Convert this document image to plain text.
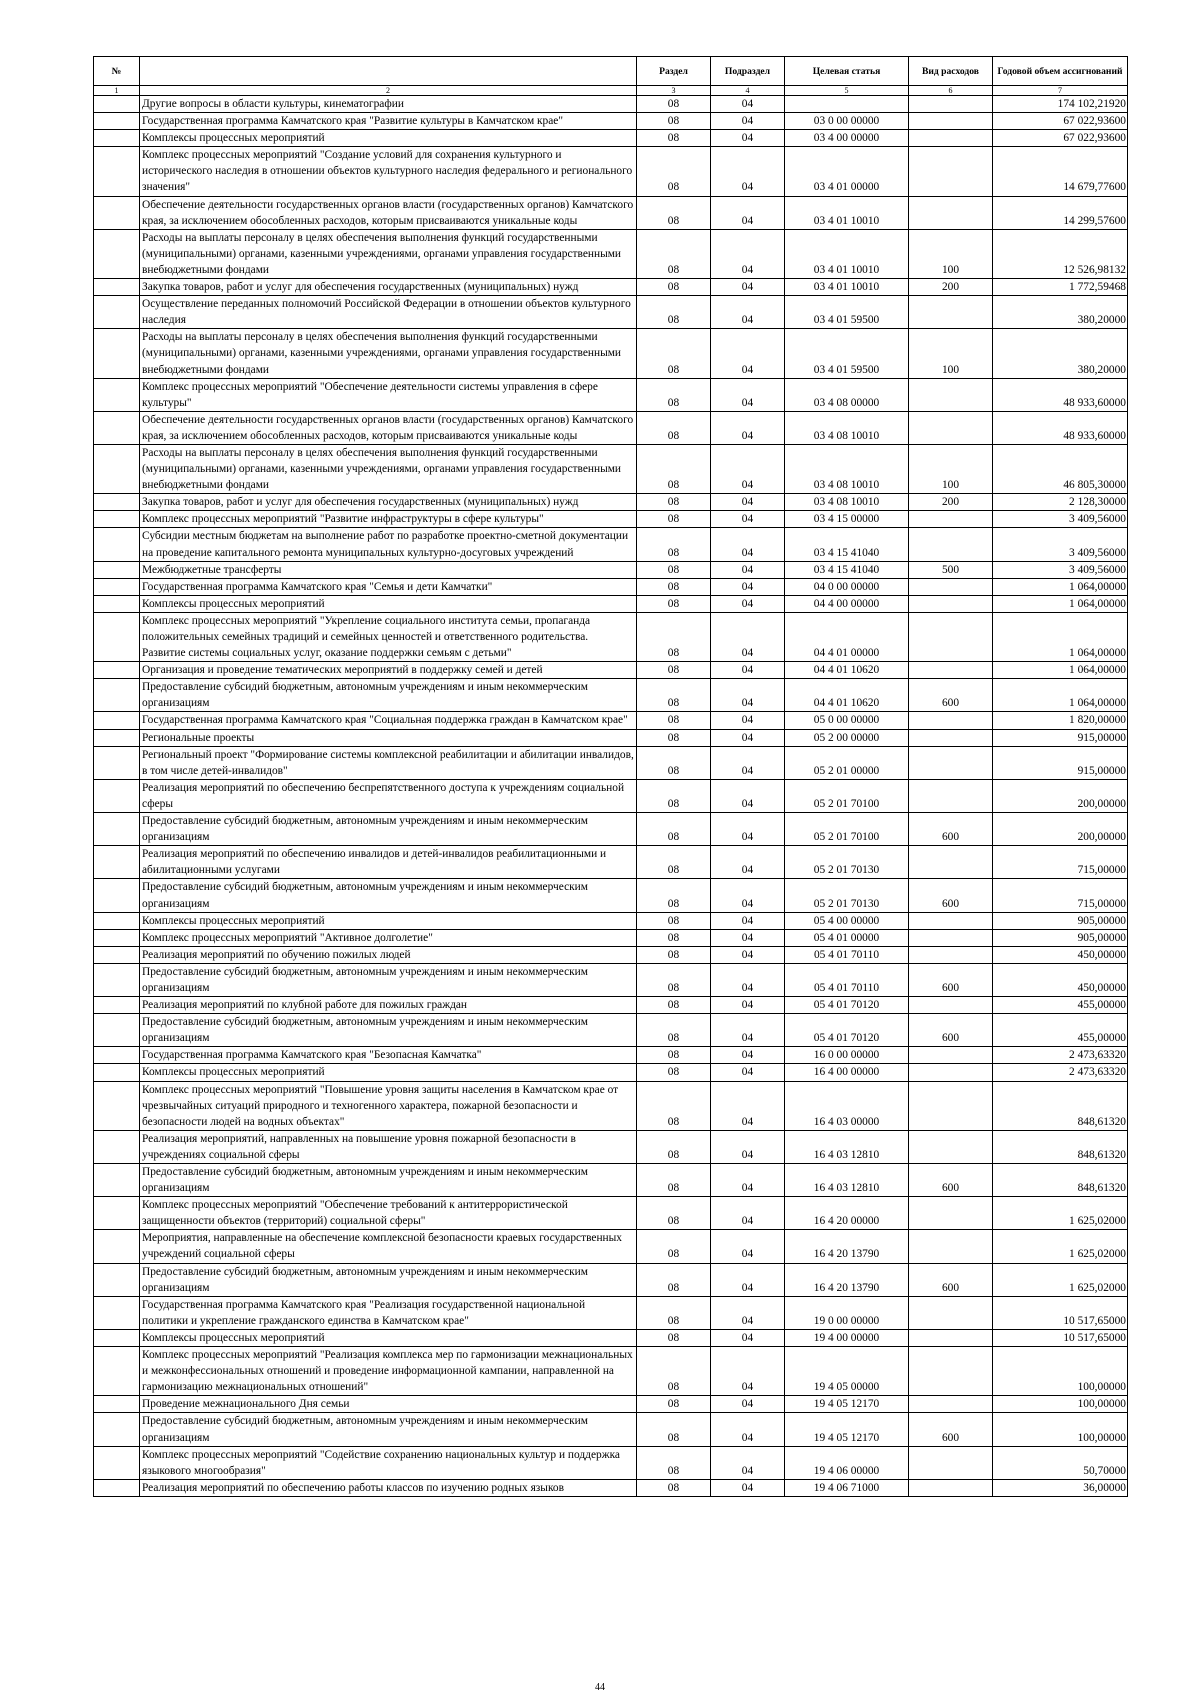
№		Раздел	Подраздел	Целевая статья	Вид расходов	Годовой объем ассигнований
1	2	3	4	5	6	7
	Другие вопросы в области культуры, кинематографии	08	04			174 102,21920
	Государственная программа Камчатского края "Развитие культуры в Камчатском крае"	08	04	03 0 00 00000		67 022,93600
	Комплексы процессных мероприятий	08	04	03 4 00 00000		67 022,93600
	Комплекс процессных мероприятий "Создание условий для сохранения культурного и исторического наследия в отношении объектов культурного наследия федерального и регионального значения"	08	04	03 4 01 00000		14 679,77600
	Обеспечение деятельности государственных органов власти (государственных органов) Камчатского края, за исключением обособленных расходов, которым присваиваются уникальные коды	08	04	03 4 01 10010		14 299,57600
	Расходы на выплаты персоналу в целях обеспечения выполнения функций государственными (муниципальными) органами, казенными учреждениями, органами управления государственными внебюджетными фондами	08	04	03 4 01 10010	100	12 526,98132
	Закупка товаров, работ и услуг для обеспечения государственных (муниципальных) нужд	08	04	03 4 01 10010	200	1 772,59468
	Осуществление переданных полномочий Российской Федерации в отношении объектов культурного наследия	08	04	03 4 01 59500		380,20000
	Расходы на выплаты персоналу в целях обеспечения выполнения функций государственными (муниципальными) органами, казенными учреждениями, органами управления государственными внебюджетными фондами	08	04	03 4 01 59500	100	380,20000
	Комплекс процессных мероприятий "Обеспечение деятельности системы управления в сфере культуры"	08	04	03 4 08 00000		48 933,60000
	Обеспечение деятельности государственных органов власти (государственных органов) Камчатского края, за исключением обособленных расходов, которым присваиваются уникальные коды	08	04	03 4 08 10010		48 933,60000
	Расходы на выплаты персоналу в целях обеспечения выполнения функций государственными (муниципальными) органами, казенными учреждениями, органами управления государственными внебюджетными фондами	08	04	03 4 08 10010	100	46 805,30000
	Закупка товаров, работ и услуг для обеспечения государственных (муниципальных) нужд	08	04	03 4 08 10010	200	2 128,30000
	Комплекс процессных мероприятий "Развитие инфраструктуры в сфере культуры"	08	04	03 4 15 00000		3 409,56000
	Субсидии местным бюджетам на выполнение работ по разработке проектно-сметной документации на проведение капитального ремонта муниципальных культурно-досуговых учреждений	08	04	03 4 15 41040		3 409,56000
	Межбюджетные трансферты	08	04	03 4 15 41040	500	3 409,56000
	Государственная программа Камчатского края "Семья и дети Камчатки"	08	04	04 0 00 00000		1 064,00000
	Комплексы процессных мероприятий	08	04	04 4 00 00000		1 064,00000
	Комплекс процессных мероприятий "Укрепление социального института семьи, пропаганда положительных семейных традиций и семейных ценностей и ответственного родительства. Развитие системы социальных услуг, оказание поддержки семьям с детьми"	08	04	04 4 01 00000		1 064,00000
	Организация и проведение тематических мероприятий в поддержку семей и детей	08	04	04 4 01 10620		1 064,00000
	Предоставление субсидий бюджетным, автономным учреждениям и иным некоммерческим организациям	08	04	04 4 01 10620	600	1 064,00000
	Государственная программа Камчатского края "Социальная поддержка граждан в Камчатском крае"	08	04	05 0 00 00000		1 820,00000
	Региональные проекты	08	04	05 2 00 00000		915,00000
	Региональный проект "Формирование системы комплексной реабилитации и абилитации инвалидов, в том числе детей-инвалидов"	08	04	05 2 01 00000		915,00000
	Реализация мероприятий по обеспечению беспрепятственного доступа к учреждениям социальной сферы	08	04	05 2 01 70100		200,00000
	Предоставление субсидий бюджетным, автономным учреждениям и иным некоммерческим организациям	08	04	05 2 01 70100	600	200,00000
	Реализация мероприятий по обеспечению инвалидов и детей-инвалидов реабилитационными и абилитационными услугами	08	04	05 2 01 70130		715,00000
	Предоставление субсидий бюджетным, автономным учреждениям и иным некоммерческим организациям	08	04	05 2 01 70130	600	715,00000
	Комплексы процессных мероприятий	08	04	05 4 00 00000		905,00000
	Комплекс процессных мероприятий "Активное долголетие"	08	04	05 4 01 00000		905,00000
	Реализация мероприятий по обучению пожилых людей	08	04	05 4 01 70110		450,00000
	Предоставление субсидий бюджетным, автономным учреждениям и иным некоммерческим организациям	08	04	05 4 01 70110	600	450,00000
	Реализация мероприятий по клубной работе для пожилых граждан	08	04	05 4 01 70120		455,00000
	Предоставление субсидий бюджетным, автономным учреждениям и иным некоммерческим организациям	08	04	05 4 01 70120	600	455,00000
	Государственная программа Камчатского края "Безопасная Камчатка"	08	04	16 0 00 00000		2 473,63320
	Комплексы процессных мероприятий	08	04	16 4 00 00000		2 473,63320
	Комплекс процессных мероприятий "Повышение уровня защиты населения в Камчатском крае от чрезвычайных ситуаций природного и техногенного характера, пожарной безопасности и безопасности людей на водных объектах"	08	04	16 4 03 00000		848,61320
	Реализация мероприятий, направленных на повышение уровня пожарной безопасности в учреждениях социальной сферы	08	04	16 4 03 12810		848,61320
	Предоставление субсидий бюджетным, автономным учреждениям и иным некоммерческим организациям	08	04	16 4 03 12810	600	848,61320
	Комплекс процессных мероприятий "Обеспечение требований к антитеррористической защищенности объектов (территорий) социальной сферы"	08	04	16 4 20 00000		1 625,02000
	Мероприятия, направленные на обеспечение комплексной безопасности краевых государственных учреждений социальной сферы	08	04	16 4 20 13790		1 625,02000
	Предоставление субсидий бюджетным, автономным учреждениям и иным некоммерческим организациям	08	04	16 4 20 13790	600	1 625,02000
	Государственная программа Камчатского края "Реализация государственной национальной политики и укрепление гражданского единства в Камчатском крае"	08	04	19 0 00 00000		10 517,65000
	Комплексы процессных мероприятий	08	04	19 4 00 00000		10 517,65000
	Комплекс процессных мероприятий "Реализация комплекса мер по гармонизации межнациональных и межконфессиональных отношений и проведение информационной кампании, направленной на гармонизацию межнациональных отношений"	08	04	19 4 05 00000		100,00000
	Проведение межнационального Дня семьи	08	04	19 4 05 12170		100,00000
	Предоставление субсидий бюджетным, автономным учреждениям и иным некоммерческим организациям	08	04	19 4 05 12170	600	100,00000
	Комплекс процессных мероприятий "Содействие сохранению национальных культур и поддержка языкового многообразия"	08	04	19 4 06 00000		50,70000
	Реализация мероприятий по обеспечению работы классов по изучению родных языков	08	04	19 4 06 71000		36,00000
44
